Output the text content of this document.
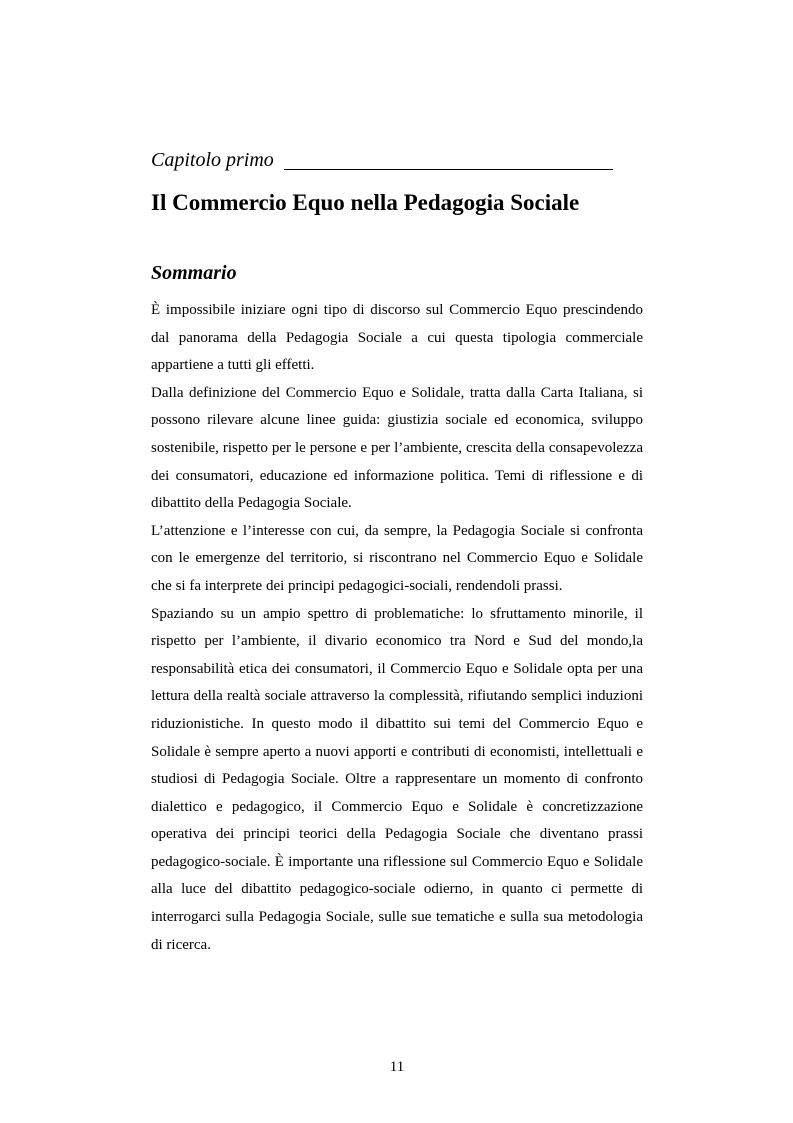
Capitolo primo
Il Commercio Equo nella Pedagogia Sociale
Sommario

È impossibile iniziare ogni tipo di discorso sul Commercio Equo prescindendo dal panorama della Pedagogia Sociale a cui questa tipologia commerciale appartiene a tutti gli effetti.

Dalla definizione del Commercio Equo e Solidale, tratta dalla Carta Italiana, si possono rilevare alcune linee guida: giustizia sociale ed economica, sviluppo sostenibile, rispetto per le persone e per l’ambiente, crescita della consapevolezza dei consumatori, educazione ed informazione politica. Temi di riflessione e di dibattito della Pedagogia Sociale.

L’attenzione e l’interesse con cui, da sempre, la Pedagogia Sociale si confronta con le emergenze del territorio, si riscontrano nel Commercio Equo e Solidale che si fa interprete dei principi pedagogici-sociali, rendendoli prassi.

Spaziando su un ampio spettro di problematiche: lo sfruttamento minorile, il rispetto per l’ambiente, il divario economico tra Nord e Sud del mondo,la responsabilità etica dei consumatori, il Commercio Equo e Solidale opta per una lettura della realtà sociale attraverso la complessità, rifiutando semplici induzioni riduzionistiche. In questo modo il dibattito sui temi del Commercio Equo e Solidale è sempre aperto a nuovi apporti e contributi di economisti, intellettuali e studiosi di Pedagogia Sociale. Oltre a rappresentare un momento di confronto dialettico e pedagogico, il Commercio Equo e Solidale è concretizzazione operativa dei principi teorici della Pedagogia Sociale che diventano prassi pedagogico-sociale. È importante una riflessione sul Commercio Equo e Solidale alla luce del dibattito pedagogico-sociale odierno, in quanto ci permette di interrogarci sulla Pedagogia Sociale, sulle sue tematiche e sulla sua metodologia di ricerca.

11
